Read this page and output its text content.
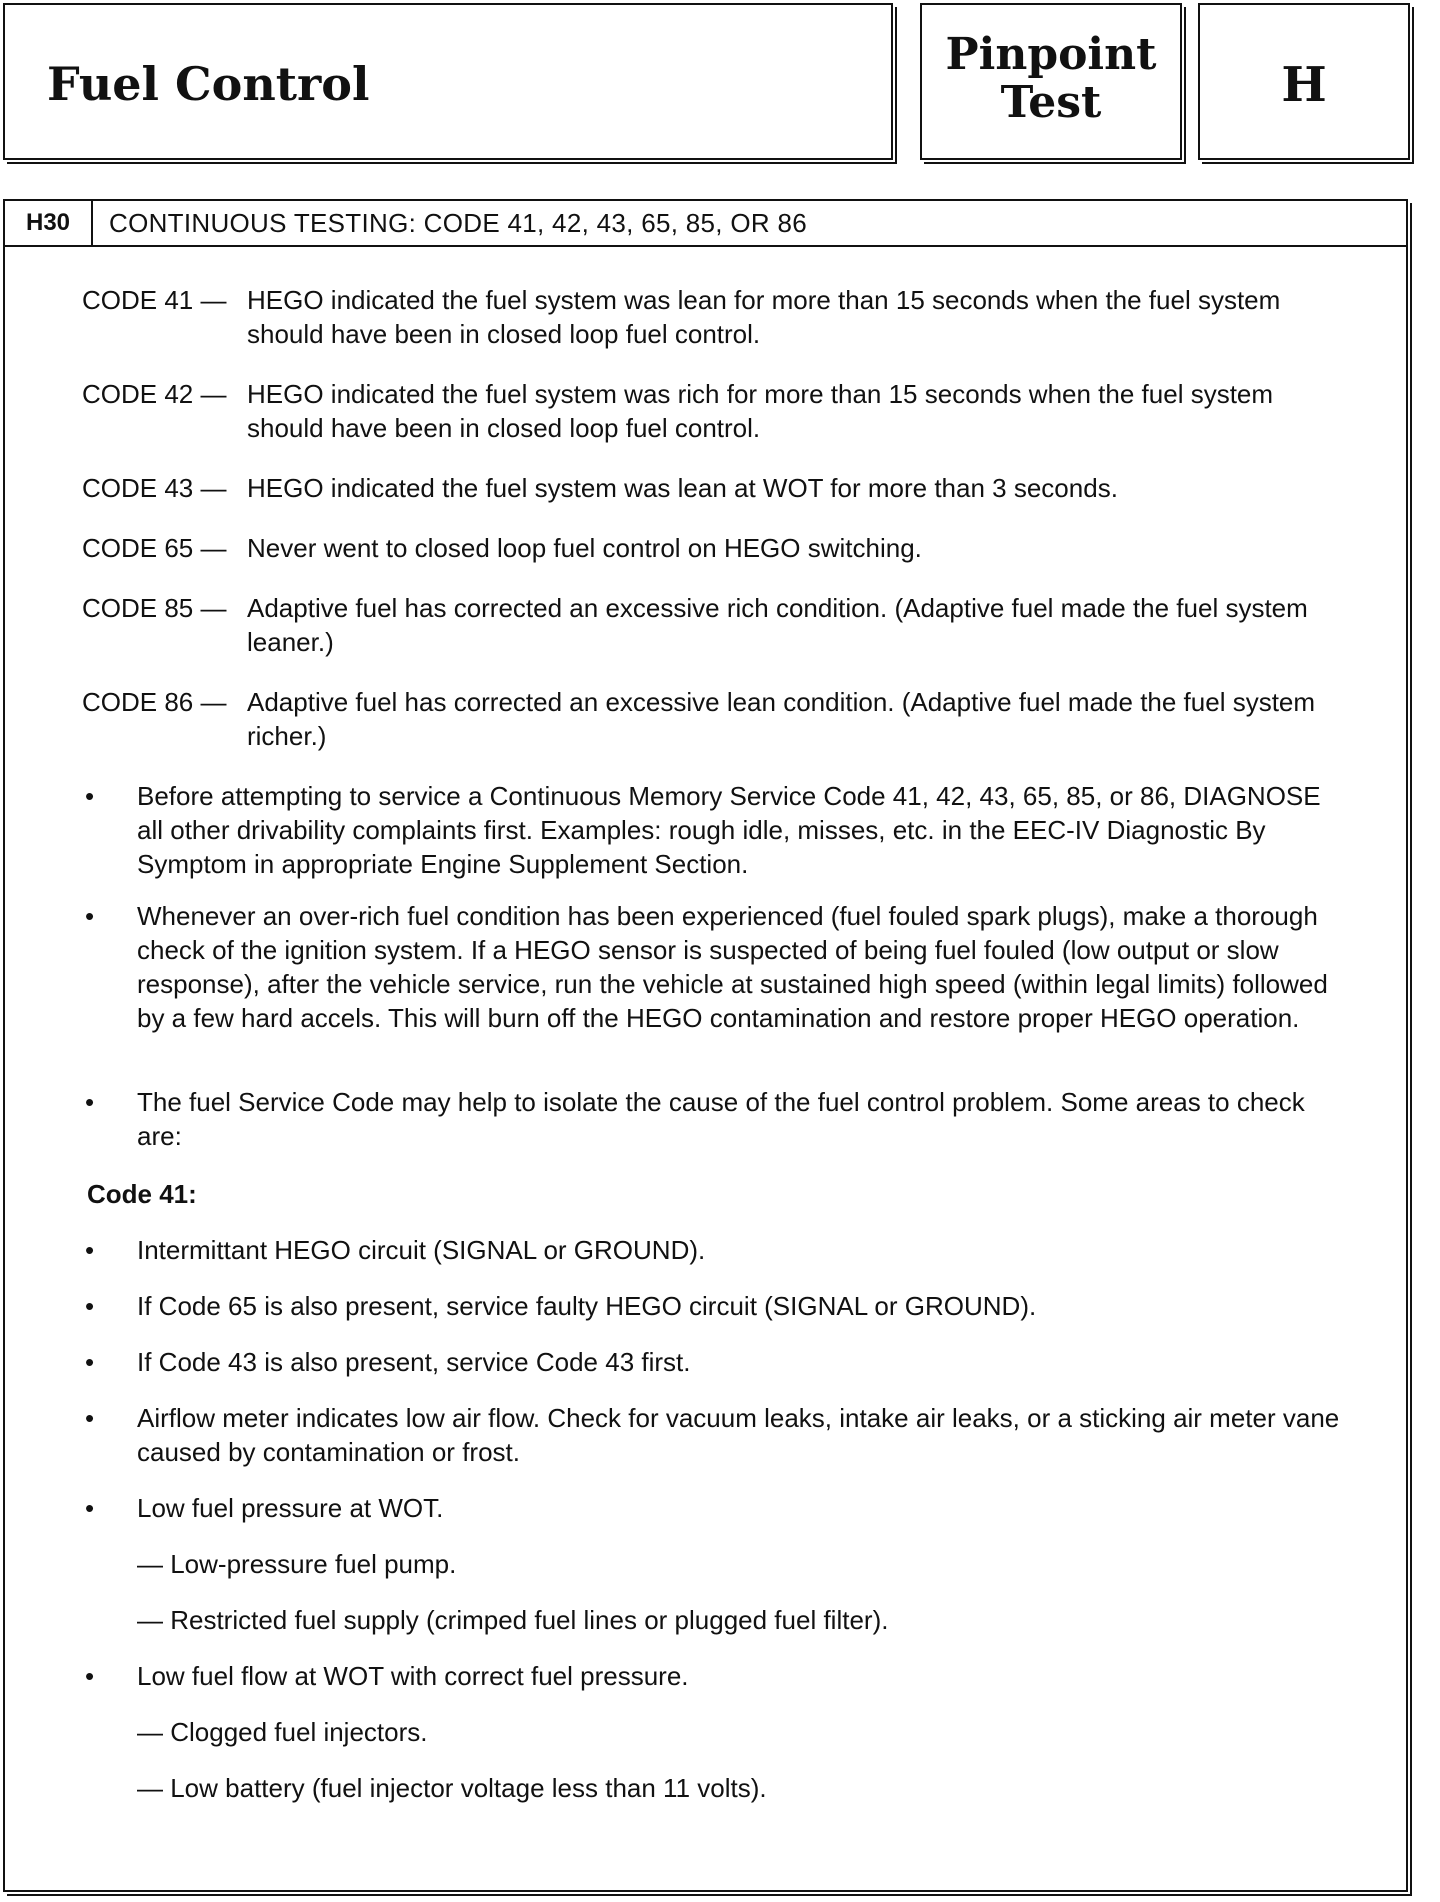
Fuel Control
Pinpoint
Test	H
H30	CONTINUOUS TESTING: CODE 41, 42, 43, 65, 85, OR 86
CODE 41 — HEGO indicated the fuel system was lean for more than 15 seconds when the fuel system should have been in closed loop fuel control.
CODE 42 — HEGO indicated the fuel system was rich for more than 15 seconds when the fuel system should have been in closed loop fuel control.
CODE 43 — HEGO indicated the fuel system was lean at WOT for more than 3 seconds.
CODE 65 — Never went to closed loop fuel control on HEGO switching.
CODE 85 — Adaptive fuel has corrected an excessive rich condition. (Adaptive fuel made the fuel system leaner.)
CODE 86 — Adaptive fuel has corrected an excessive lean condition. (Adaptive fuel made the fuel system richer.)
• Before attempting to service a Continuous Memory Service Code 41, 42, 43, 65, 85, or 86, DIAGNOSE all other drivability complaints first. Examples: rough idle, misses, etc. in the EEC-IV Diagnostic By Symptom in appropriate Engine Supplement Section.
• Whenever an over-rich fuel condition has been experienced (fuel fouled spark plugs), make a thorough check of the ignition system. If a HEGO sensor is suspected of being fuel fouled (low output or slow response), after the vehicle service, run the vehicle at sustained high speed (within legal limits) followed by a few hard accels. This will burn off the HEGO contamination and restore proper HEGO operation.
• The fuel Service Code may help to isolate the cause of the fuel control problem. Some areas to check are:
Code 41:
• Intermittant HEGO circuit (SIGNAL or GROUND).
• If Code 65 is also present, service faulty HEGO circuit (SIGNAL or GROUND).
• If Code 43 is also present, service Code 43 first.
• Airflow meter indicates low air flow. Check for vacuum leaks, intake air leaks, or a sticking air meter vane caused by contamination or frost.
• Low fuel pressure at WOT.
— Low-pressure fuel pump.
— Restricted fuel supply (crimped fuel lines or plugged fuel filter).
• Low fuel flow at WOT with correct fuel pressure.
— Clogged fuel injectors.
— Low battery (fuel injector voltage less than 11 volts).
